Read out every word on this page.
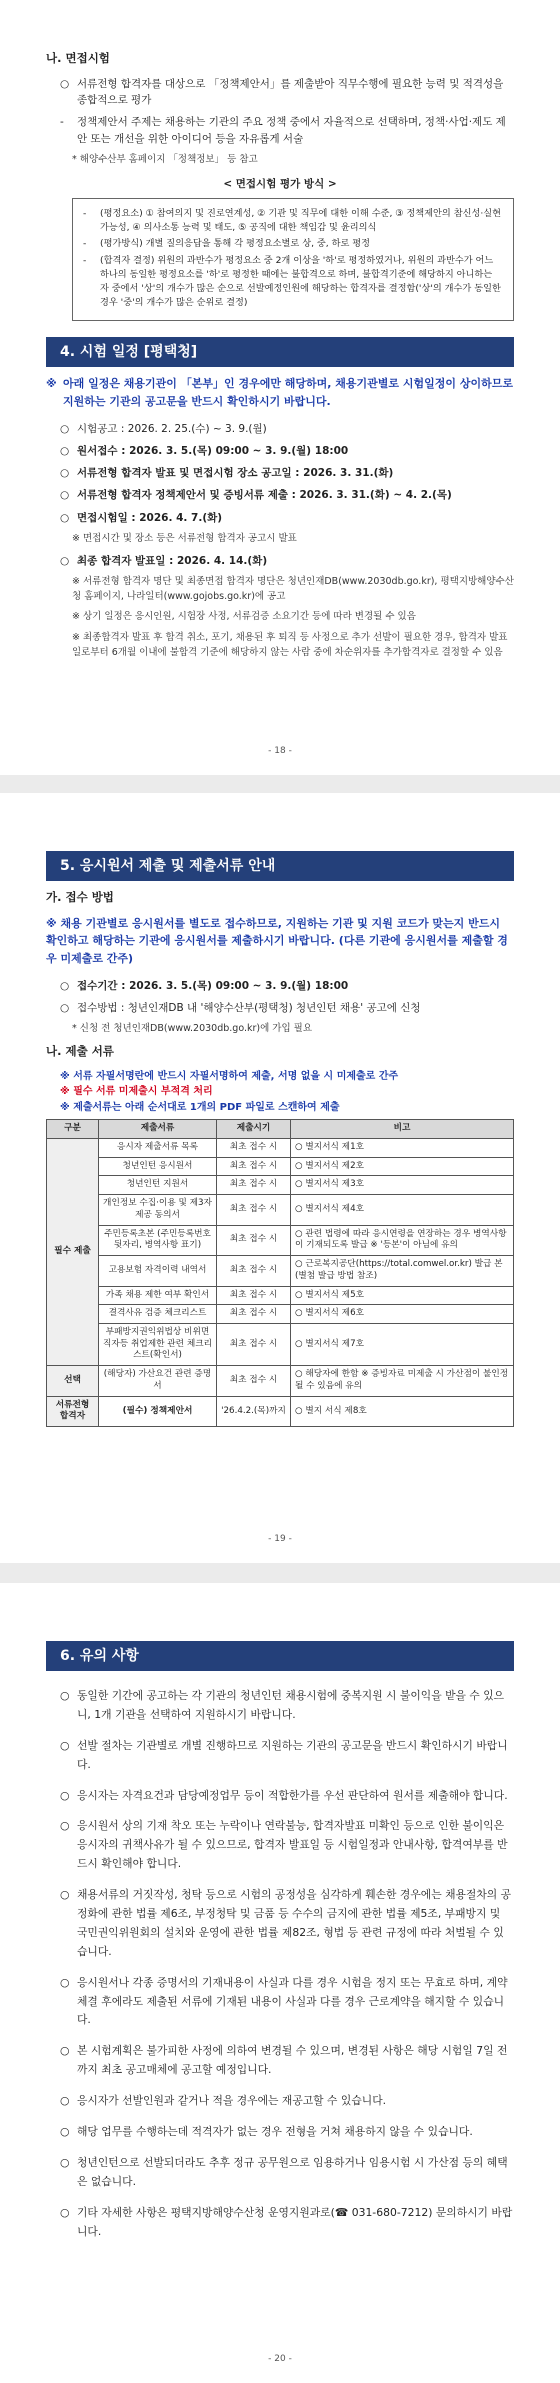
나. 면접시험
○ 서류전형 합격자를 대상으로 「정책제안서」를 제출받아 직무수행에 필요한 능력 및 적격성을 종합적으로 평가
-	정책제안서 주제는 채용하는 기관의 주요 정책 중에서 자율적으로 선택하며, 정책·사업·제도 제안 또는 개선을 위한 아이디어 등을 자유롭게 서술
* 해양수산부 홈페이지 「정책정보」 등 참고
< 면접시험 평가 방식 >
-	(평정요소) ① 참여의지 및 진로연계성, ② 기관 및 직무에 대한 이해 수준, ③ 정책제안의 참신성·실현가능성, ④ 의사소통 능력 및 태도, ⑤ 공직에 대한 책임감 및 윤리의식
-	(평가방식) 개별 질의응답을 통해 각 평정요소별로 상, 중, 하로 평정
-	(합격자 결정) 위원의 과반수가 평정요소 중 2개 이상을 '하'로 평정하였거나, 위원의 과반수가 어느 하나의 동일한 평정요소를 '하'로 평정한 때에는 불합격으로 하며, 불합격기준에 해당하지 아니하는 자 중에서 '상'의 개수가 많은 순으로 선발예정인원에 해당하는 합격자를 결정함('상'의 개수가 동일한 경우 '중'의 개수가 많은 순위로 결정)
4. 시험 일정 [평택청]
※ 아래 일정은 채용기관이 「본부」인 경우에만 해당하며, 채용기관별로 시험일정이 상이하므로 지원하는 기관의 공고문을 반드시 확인하시기 바랍니다.
○ 시험공고 : 2026. 2. 25.(수) ~ 3. 9.(월)
○ 원서접수 : 2026. 3. 5.(목) 09:00 ~ 3. 9.(월) 18:00
○ 서류전형 합격자 발표 및 면접시험 장소 공고일 : 2026. 3. 31.(화)
○ 서류전형 합격자 정책제안서 및 증빙서류 제출 : 2026. 3. 31.(화) ~ 4. 2.(목)
○ 면접시험일 : 2026. 4. 7.(화)
※ 면접시간 및 장소 등은 서류전형 합격자 공고시 발표
○ 최종 합격자 발표일 : 2026. 4. 14.(화)
※ 서류전형 합격자 명단 및 최종면접 합격자 명단은 청년인재DB(www.2030db.go.kr), 평택지방해양수산청 홈페이지, 나라일터(www.gojobs.go.kr)에 공고
※ 상기 일정은 응시인원, 시험장 사정, 서류검증 소요기간 등에 따라 변경될 수 있음
※ 최종합격자 발표 후 합격 취소, 포기, 채용된 후 퇴직 등 사정으로 추가 선발이 필요한 경우, 합격자 발표일로부터 6개월 이내에 불합격 기준에 해당하지 않는 사람 중에 차순위자를 추가합격자로 결정할 수 있음
- 18 -
5. 응시원서 제출 및 제출서류 안내
가. 접수 방법
※ 채용 기관별로 응시원서를 별도로 접수하므로, 지원하는 기관 및 지원 코드가 맞는지 반드시 확인하고 해당하는 기관에 응시원서를 제출하시기 바랍니다. (다른 기관에 응시원서를 제출할 경우 미제출로 간주)
○ 접수기간 : 2026. 3. 5.(목) 09:00 ~ 3. 9.(월) 18:00
○ 접수방법 : 청년인재DB 내 '해양수산부(평택청) 청년인턴 채용' 공고에 신청
* 신청 전 청년인재DB(www.2030db.go.kr)에 가입 필요
나. 제출 서류
※ 서류 자필서명란에 반드시 자필서명하여 제출, 서명 없을 시 미제출로 간주
※ 필수 서류 미제출시 부적격 처리
※ 제출서류는 아래 순서대로 1개의 PDF 파일로 스캔하여 제출
구분	제출서류	제출시기	비고
필수 제출	응시자 제출서류 목록	최초 접수 시	○ 별지서식 제1호
	청년인턴 응시원서	최초 접수 시	○ 별지서식 제2호
	청년인턴 지원서	최초 접수 시	○ 별지서식 제3호
	개인정보 수집·이용 및 제3자 제공 동의서	최초 접수 시	○ 별지서식 제4호
	주민등록초본 (주민등록번호 뒷자리, 병역사항 표기)	최초 접수 시	○ 관련 법령에 따라 응시연령을 연장하는 경우 병역사항이 기재되도록 발급 ※ '등본'이 아님에 유의
	고용보험 자격이력 내역서	최초 접수 시	○ 근로복지공단(https://total.comwel.or.kr) 발급 본 (별첨 발급 방법 참조)
	가족 채용 제한 여부 확인서	최초 접수 시	○ 별지서식 제5호
	결격사유 검증 체크리스트	최초 접수 시	○ 별지서식 제6호
	부패방지권익위법상 비위면직자등 취업제한 관련 체크리스트(확인서)	최초 접수 시	○ 별지서식 제7호
선택	(해당자) 가산요건 관련 증명서	최초 접수 시	○ 해당자에 한함 ※ 증빙자료 미제출 시 가산점이 불인정 될 수 있음에 유의
서류전형 합격자	(필수) 정책제안서	'26.4.2.(목)까지	○ 별지 서식 제8호
- 19 -
6. 유의 사항
○ 동일한 기간에 공고하는 각 기관의 청년인턴 채용시험에 중복지원 시 불이익을 받을 수 있으니, 1개 기관을 선택하여 지원하시기 바랍니다.
○ 선발 절차는 기관별로 개별 진행하므로 지원하는 기관의 공고문을 반드시 확인하시기 바랍니다.
○ 응시자는 자격요건과 담당예정업무 등이 적합한가를 우선 판단하여 원서를 제출해야 합니다.
○ 응시원서 상의 기재 착오 또는 누락이나 연락불능, 합격자발표 미확인 등으로 인한 불이익은 응시자의 귀책사유가 될 수 있으므로, 합격자 발표일 등 시험일정과 안내사항, 합격여부를 반드시 확인해야 합니다.
○ 채용서류의 거짓작성, 청탁 등으로 시험의 공정성을 심각하게 훼손한 경우에는 채용절차의 공정화에 관한 법률 제6조, 부정청탁 및 금품 등 수수의 금지에 관한 법률 제5조, 부패방지 및 국민권익위원회의 설치와 운영에 관한 법률 제82조, 형법 등 관련 규정에 따라 처벌될 수 있습니다.
○ 응시원서나 각종 증명서의 기재내용이 사실과 다를 경우 시험을 정지 또는 무효로 하며, 계약체결 후에라도 제출된 서류에 기재된 내용이 사실과 다를 경우 근로계약을 해지할 수 있습니다.
○ 본 시험계획은 불가피한 사정에 의하여 변경될 수 있으며, 변경된 사항은 해당 시험일 7일 전까지 최초 공고매체에 공고할 예정입니다.
○ 응시자가 선발인원과 같거나 적을 경우에는 재공고할 수 있습니다.
○ 해당 업무를 수행하는데 적격자가 없는 경우 전형을 거쳐 채용하지 않을 수 있습니다.
○ 청년인턴으로 선발되더라도 추후 정규 공무원으로 임용하거나 임용시험 시 가산점 등의 혜택은 없습니다.
○ 기타 자세한 사항은 평택지방해양수산청 운영지원과로(☎ 031-680-7212) 문의하시기 바랍니다.
- 20 -
